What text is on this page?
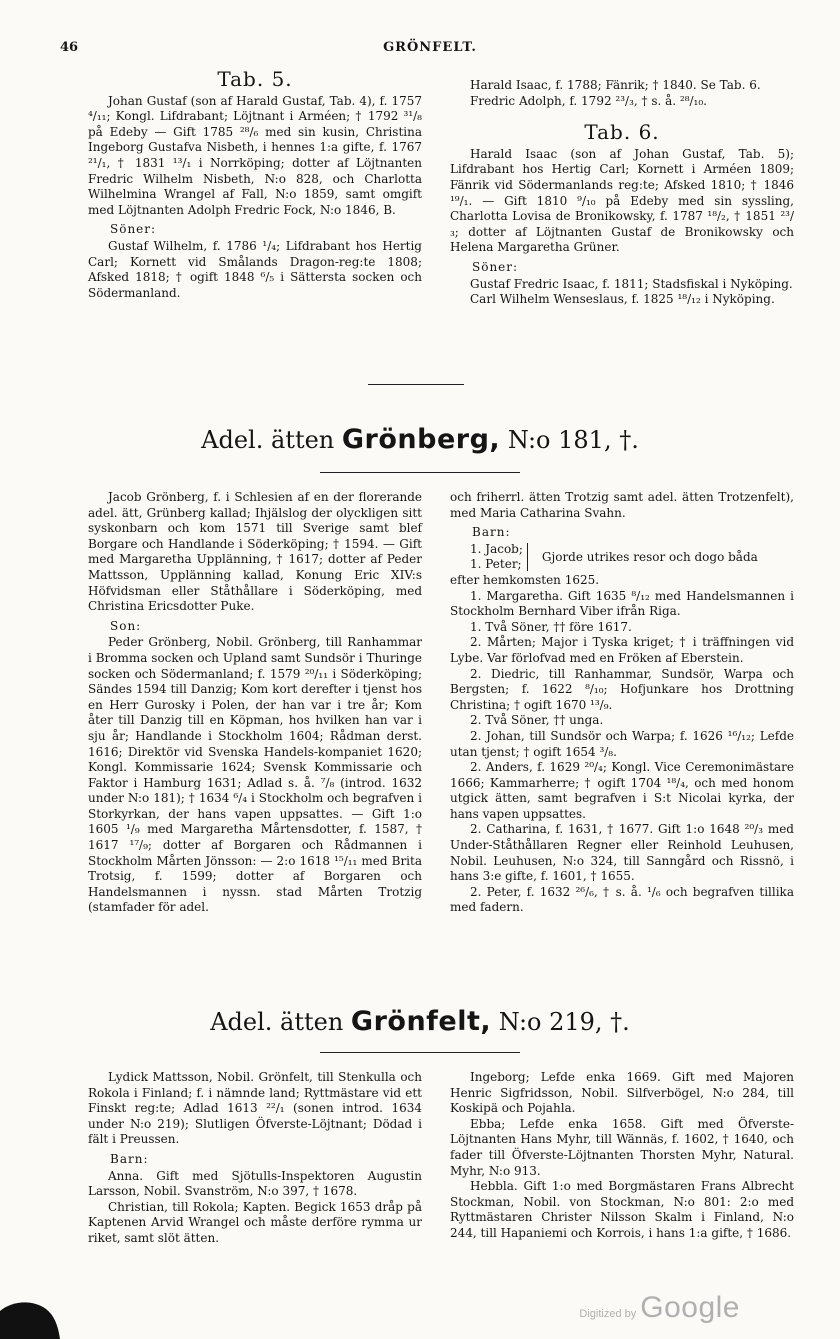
46	GRÖNFELT.
Tab. 5.

Johan Gustaf (son af Harald Gustaf, Tab. 4), f. 1757 ⁴/₁₁; Kongl. Lifdrabant; Löjtnant i Arméen; † 1792 ³¹/₈ på Edeby — Gift 1785 ²⁸/₆ med sin kusin, Christina Ingeborg Gustafva Nisbeth, i hennes 1:a gifte, f. 1767 ²¹/₁, † 1831 ¹³/₁ i Norrköping; dotter af Löjtnanten Fredric Wilhelm Nisbeth, N:o 828, och Charlotta Wilhelmina Wrangel af Fall, N:o 1859, samt omgift med Löjtnanten Adolph Fredric Fock, N:o 1846, B.

Söner:

Gustaf Wilhelm, f. 1786 ¹/₄; Lifdrabant hos Hertig Carl; Kornett vid Smålands Dragon-reg:te 1808; Afsked 1818; † ogift 1848 ⁶/₅ i Sättersta socken och Södermanland.

Harald Isaac, f. 1788; Fänrik; † 1840. Se Tab. 6.

Fredric Adolph, f. 1792 ²³/₃, † s. å. ²⁸/₁₀.

Tab. 6.

Harald Isaac (son af Johan Gustaf, Tab. 5); Lifdrabant hos Hertig Carl; Kornett i Arméen 1809; Fänrik vid Södermanlands reg:te; Afsked 1810; † 1846 ¹⁹/₁. — Gift 1810 ⁹/₁₀ på Edeby med sin syssling, Charlotta Lovisa de Bronikowsky, f. 1787 ¹⁸/₂, † 1851 ²³/₃; dotter af Löjtnanten Gustaf de Bronikowsky och Helena Margaretha Grüner.

Söner:

Gustaf Fredric Isaac, f. 1811; Stadsfiskal i Nyköping.

Carl Wilhelm Wenseslaus, f. 1825 ¹⁸/₁₂ i Nyköping.

Adel. ätten Grönberg, N:o 181, †.

Jacob Grönberg, f. i Schlesien af en der florerande adel. ätt, Grünberg kallad; Ihjälslog der olyckligen sitt syskonbarn och kom 1571 till Sverige samt blef Borgare och Handlande i Söderköping; † 1594. — Gift med Margaretha Upplänning, † 1617; dotter af Peder Mattsson, Upplänning kallad, Konung Eric XIV:s Höfvidsman eller Ståthållare i Söderköping, med Christina Ericsdotter Puke.

Son:

Peder Grönberg, Nobil. Grönberg, till Ranhammar i Bromma socken och Upland samt Sundsör i Thuringe socken och Södermanland; f. 1579 ²⁰/₁₁ i Söderköping; Sändes 1594 till Danzig; Kom kort derefter i tjenst hos en Herr Gurosky i Polen, der han var i tre år; Kom åter till Danzig till en Köpman, hos hvilken han var i sju år; Handlande i Stockholm 1604; Rådman derst. 1616; Direktör vid Svenska Handels-kompaniet 1620; Kongl. Kommissarie 1624; Svensk Kommissarie och Faktor i Hamburg 1631; Adlad s. å. ⁷/₈ (introd. 1632 under N:o 181); † 1634 ⁶/₄ i Stockholm och begrafven i Storkyrkan, der hans vapen uppsattes. — Gift 1:o 1605 ¹/₉ med Margaretha Mårtensdotter, f. 1587, † 1617 ¹⁷/₉; dotter af Borgaren och Rådmannen i Stockholm Mårten Jönsson: — 2:o 1618 ¹⁵/₁₁ med Brita Trotsig, f. 1599; dotter af Borgaren och Handelsmannen i nyssn. stad Mårten Trotzig (stamfader för adel.

och friherrl. ätten Trotzig samt adel. ätten Trotzenfelt), med Maria Catharina Svahn.

Barn:
1. Jacob;
1. Peter;
Gjorde utrikes resor och dogo båda

efter hemkomsten 1625.

1. Margaretha. Gift 1635 ⁸/₁₂ med Handelsmannen i Stockholm Bernhard Viber ifrån Riga.

1. Två Söner, †† före 1617.

2. Mårten; Major i Tyska kriget; † i träffningen vid Lybe. Var förlofvad med en Fröken af Eberstein.

2. Diedric, till Ranhammar, Sundsör, Warpa och Bergsten; f. 1622 ⁸/₁₀; Hofjunkare hos Drottning Christina; † ogift 1670 ¹³/₉.

2. Två Söner, †† unga.

2. Johan, till Sundsör och Warpa; f. 1626 ¹⁶/₁₂; Lefde utan tjenst; † ogift 1654 ³/₈.

2. Anders, f. 1629 ²⁰/₄; Kongl. Vice Ceremonimästare 1666; Kammarherre; † ogift 1704 ¹⁸/₄, och med honom utgick ätten, samt begrafven i S:t Nicolai kyrka, der hans vapen uppsattes.

2. Catharina, f. 1631, † 1677. Gift 1:o 1648 ²⁰/₃ med Under-Ståthållaren Regner eller Reinhold Leuhusen, Nobil. Leuhusen, N:o 324, till Sanngård och Rissnö, i hans 3:e gifte, f. 1601, † 1655.

2. Peter, f. 1632 ²⁶/₆, † s. å. ¹/₆ och begrafven tillika med fadern.

Adel. ätten Grönfelt, N:o 219, †.

Lydick Mattsson, Nobil. Grönfelt, till Stenkulla och Rokola i Finland; f. i nämnde land; Ryttmästare vid ett Finskt reg:te; Adlad 1613 ²²/₁ (sonen introd. 1634 under N:o 219); Slutligen Öfverste-Löjtnant; Dödad i fält i Preussen.

Barn:

Anna. Gift med Sjötulls-Inspektoren Augustin Larsson, Nobil. Svanström, N:o 397, † 1678.

Christian, till Rokola; Kapten. Begick 1653 dråp på Kaptenen Arvid Wrangel och måste derföre rymma ur riket, samt slöt ätten.

Ingeborg; Lefde enka 1669. Gift med Majoren Henric Sigfridsson, Nobil. Silfverbögel, N:o 284, till Koskipä och Pojahla.

Ebba; Lefde enka 1658. Gift med Öfverste-Löjtnanten Hans Myhr, till Wännäs, f. 1602, † 1640, och fader till Öfverste-Löjtnanten Thorsten Myhr, Natural. Myhr, N:o 913.

Hebbla. Gift 1:o med Borgmästaren Frans Albrecht Stockman, Nobil. von Stockman, N:o 801: 2:o med Ryttmästaren Christer Nilsson Skalm i Finland, N:o 244, till Hapaniemi och Korrois, i hans 1:a gifte, † 1686.

Digitized by Google
